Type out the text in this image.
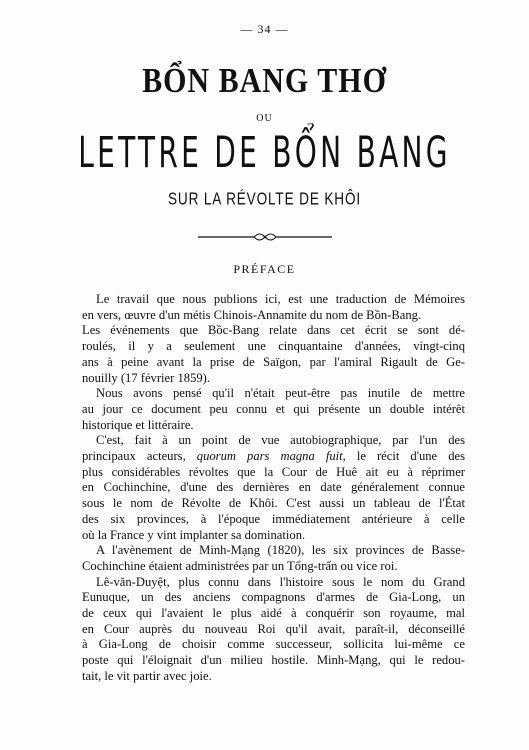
— 34 —
BỔN BANG THƠ
OU
LETTRE DE BỔN BANG
SUR LA RÉVOLTE DE KHÔI
PRÉFACE
Le travail que nous publions ici, est une traduction de Mémoires
en vers, œuvre d'un métis Chinois-Annamite du nom de Bồn-Bang.
Les événements que Bồc-Bang relate dans cet écrit se sont dé-
roulés, il y a seulement une cinquantaine d'années, vingt-cinq
ans à peine avant la prise de Saïgon, par l'amiral Rigault de Ge-
nouilly (17 février 1859).
Nous avons pensé qu'il n'était peut-être pas inutile de mettre
au jour ce document peu connu et qui présente un double intérêt
historique et littéraire.
C'est, fait à un point de vue autobiographique, par l'un des
principaux acteurs, quorum pars magna fuit, le récit d'une des
plus considérables révoltes que la Cour de Huê ait eu à réprimer
en Cochinchine, d'une des dernières en date généralement connue
sous le nom de Révolte de Khôi. C'est aussi un tableau de l'État
des six provinces, à l'époque immédiatement antérieure à celle
où la France y vint implanter sa domination.
A l'avènement de Minh-Mạng (1820), les six provinces de Basse-
Cochinchine étaient administrées par un Tổng-trấn ou vice roi.
Lê-văn-Duyệt, plus connu dans l'histoire sous le nom du Grand
Eunuque, un des anciens compagnons d'armes de Gia-Long, un
de ceux qui l'avaient le plus aidé à conquérir son royaume, mal
en Cour auprès du nouveau Roi qu'il avait, paraît-il, déconseillé
à Gia-Long de choisir comme successeur, sollicita lui-même ce
poste qui l'éloignait d'un milieu hostile. Minh-Mạng, qui le redou-
tait, le vit partir avec joie.
